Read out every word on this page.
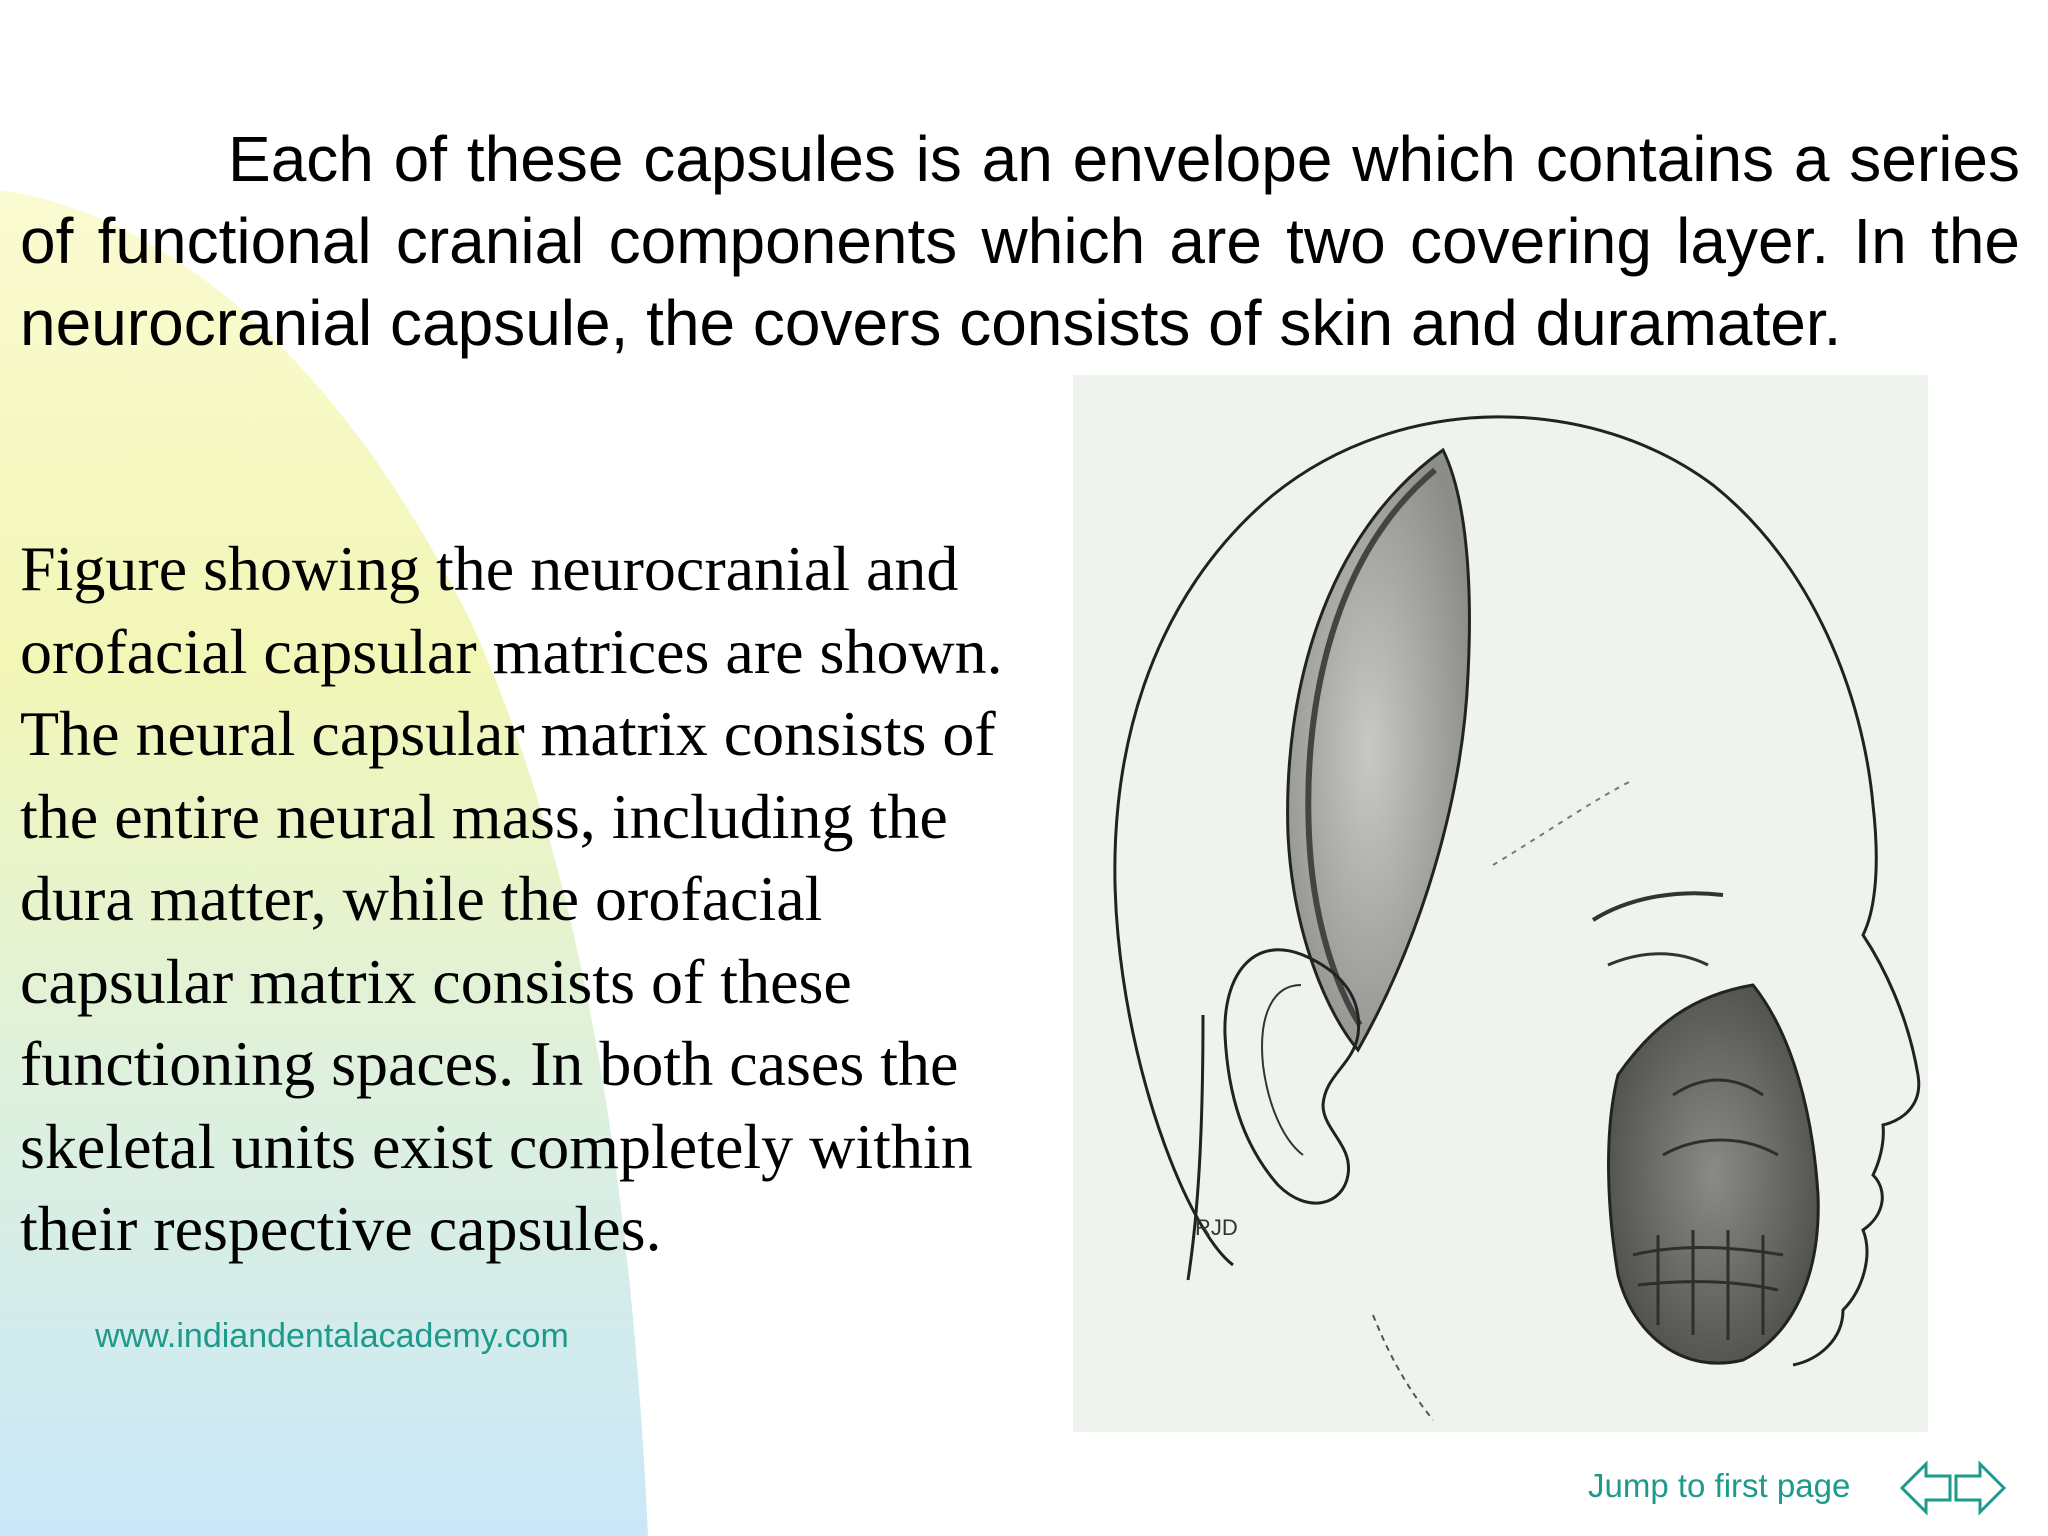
Each of these capsules is an envelope which contains a series of functional cranial components which are two covering layer. In the neurocranial capsule, the covers consists of skin and duramater.

Figure showing the neurocranial and orofacial capsular matrices are shown. The neural capsular matrix consists of the entire neural mass, including the dura matter, while the orofacial capsular matrix consists of these functioning spaces. In both cases the skeletal units exist completely within their respective capsules.

www.indiandentalacademy.com
RJD
Jump to first page
